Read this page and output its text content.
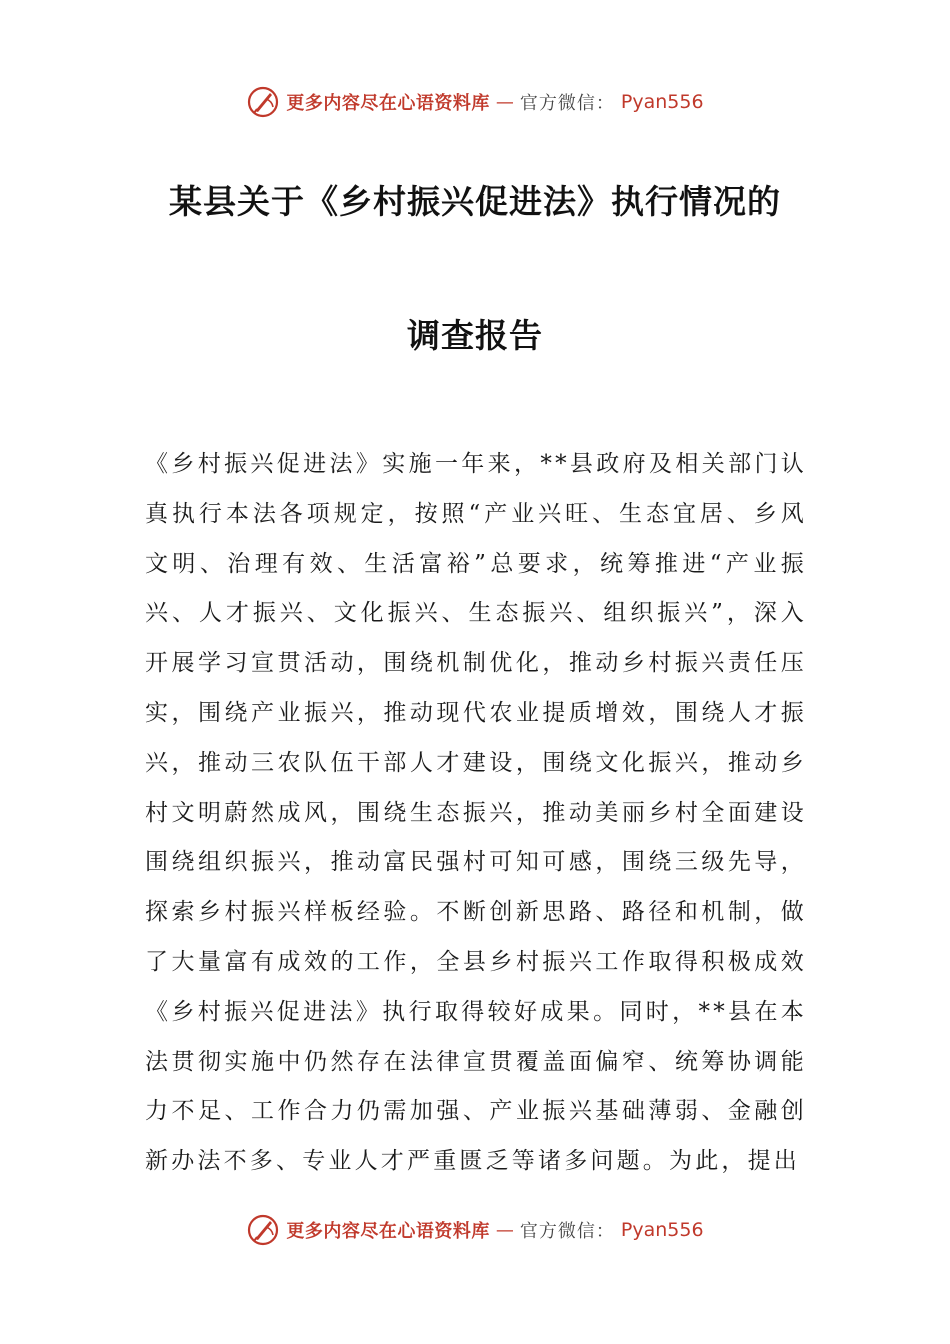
更多内容尽在心语资料库 — 官方微信： Pyan556
某县关于《乡村振兴促进法》执行情况的
调查报告

《乡村振兴促进法》实施一年来，**县政府及相关部门认真执行本法各项规定，按照“产业兴旺、生态宜居、乡风文明、治理有效、生活富裕”总要求，统筹推进“产业振兴、人才振兴、文化振兴、生态振兴、组织振兴”，深入开展学习宣贯活动，围绕机制优化，推动乡村振兴责任压实，围绕产业振兴，推动现代农业提质增效，围绕人才振兴，推动三农队伍干部人才建设，围绕文化振兴，推动乡村文明蔚然成风，围绕生态振兴，推动美丽乡村全面建设围绕组织振兴，推动富民强村可知可感，围绕三级先导，探索乡村振兴样板经验。不断创新思路、路径和机制，做了大量富有成效的工作，全县乡村振兴工作取得积极成效《乡村振兴促进法》执行取得较好成果。同时，**县在本法贯彻实施中仍然存在法律宣贯覆盖面偏窄、统筹协调能力不足、工作合力仍需加强、产业振兴基础薄弱、金融创新办法不多、专业人才严重匮乏等诸多问题。为此，提出

更多内容尽在心语资料库 — 官方微信： Pyan556
